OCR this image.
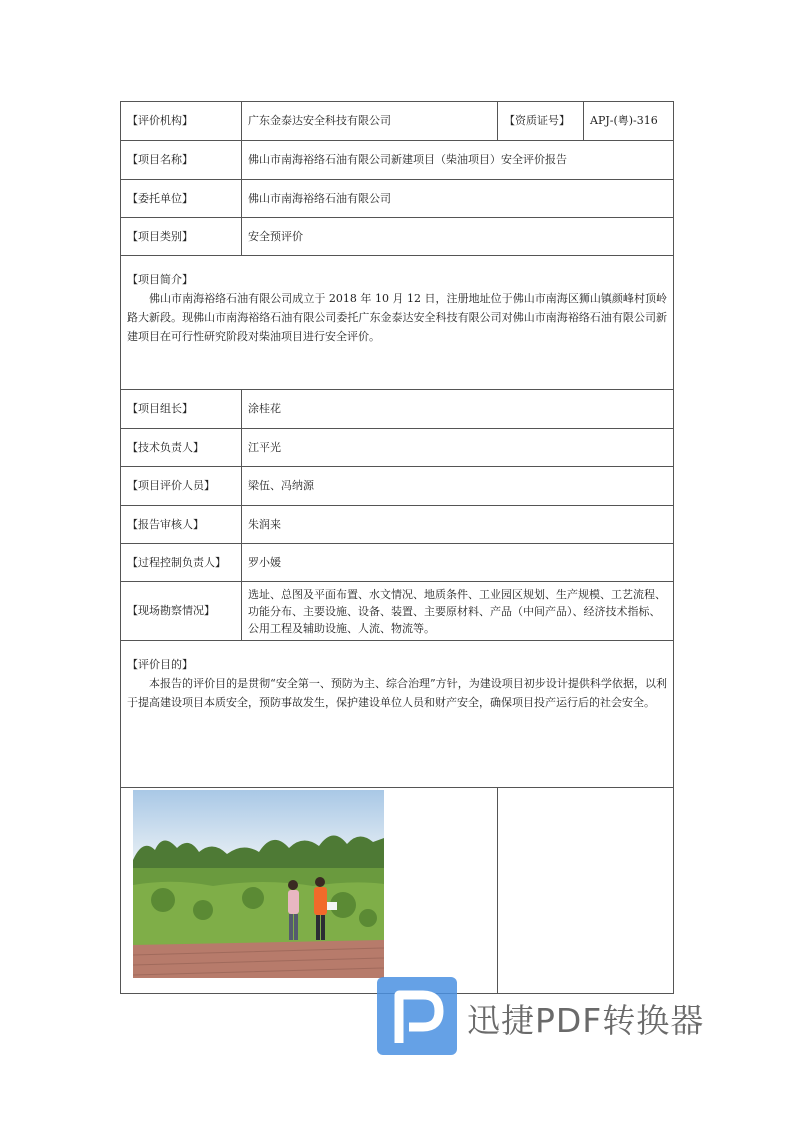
【评价机构】	广东金泰达安全科技有限公司	【资质证号】	APJ-(粤)-316
【项目名称】	佛山市南海裕络石油有限公司新建项目（柴油项目）安全评价报告		
【委托单位】	佛山市南海裕络石油有限公司		
【项目类别】	安全预评价		

【项目简介】

佛山市南海裕络石油有限公司成立于 2018 年 10 月 12 日，注册地址位于佛山市南海区狮山镇颜峰村顶岭路大新段。现佛山市南海裕络石油有限公司委托广东金泰达安全科技有限公司对佛山市南海裕络石油有限公司新建项目在可行性研究阶段对柴油项目进行安全评价。			

【项目组长】	涂桂花		
【技术负责人】	江平光		
【项目评价人员】	梁伍、冯纳源		
【报告审核人】	朱润来		
【过程控制负责人】	罗小媛		
【现场勘察情况】	选址、总图及平面布置、水文情况、地质条件、工业园区规划、生产规模、工艺流程、功能分布、主要设施、设备、装置、主要原材料、产品（中间产品）、经济技术指标、公用工程及辅助设施、人流、物流等。		

【评价目的】

本报告的评价目的是贯彻“安全第一、预防为主、综合治理”方针，为建设项目初步设计提供科学依据，以利于提高建设项目本质安全，预防事故发生，保护建设单位人员和财产安全，确保项目投产运行后的社会安全。			

迅捷PDF转换器
